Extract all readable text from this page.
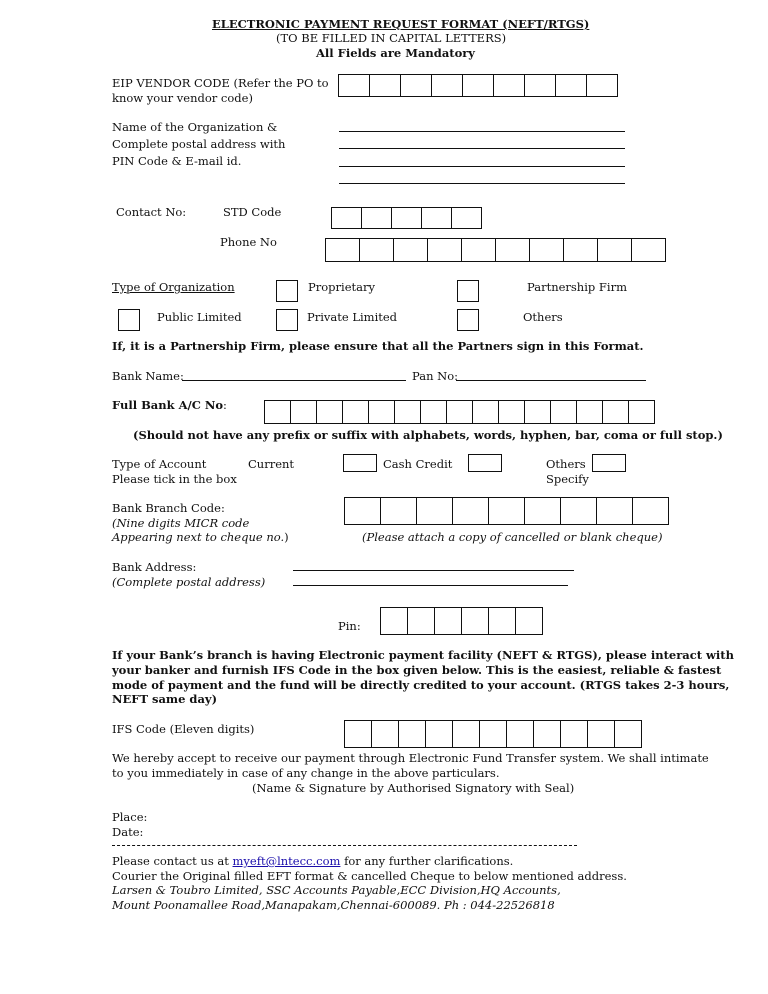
ELECTRONIC PAYMENT REQUEST FORMAT (NEFT/RTGS)
(TO BE FILLED IN CAPITAL LETTERS)
All Fields are Mandatory
EIP VENDOR CODE (Refer the PO to
know your vendor code)
Name of the Organization &
Complete postal address with
PIN Code & E-mail id.
Contact No:	STD Code
Phone No
Type of Organization	Proprietary	Partnership Firm
Public Limited	Private Limited	Others
If, it is a Partnership Firm, please ensure that all the Partners sign in this Format.
Bank Name:	Pan No:
Full Bank A/C No:
(Should not have any prefix or suffix with alphabets, words, hyphen, bar, coma or full stop.)
Type of Account
Please tick in the box
Current	Cash Credit	Others
Specify
Bank Branch Code:
(Nine digits MICR code
Appearing next to cheque no.)	(Please attach a copy of cancelled or blank cheque)
Bank Address:
(Complete postal address)
Pin:
If your Bank’s branch is having Electronic payment facility (NEFT & RTGS), please interact with
your banker and furnish IFS Code in the box given below. This is the easiest, reliable & fastest
mode of payment and the fund will be directly credited to your account. (RTGS takes 2-3 hours,
NEFT same day)
IFS Code (Eleven digits)
We hereby accept to receive our payment through Electronic Fund Transfer system. We shall intimate
to you immediately in case of any change in the above particulars.
(Name & Signature by Authorised Signatory with Seal)
Place:
Date:
Please contact us at myeft@lntecc.com for any further clarifications.
Courier the Original filled EFT format & cancelled Cheque to below mentioned address.
Larsen & Toubro Limited, SSC Accounts Payable,ECC Division,HQ Accounts,
Mount Poonamallee Road,Manapakam,Chennai-600089. Ph : 044-22526818
